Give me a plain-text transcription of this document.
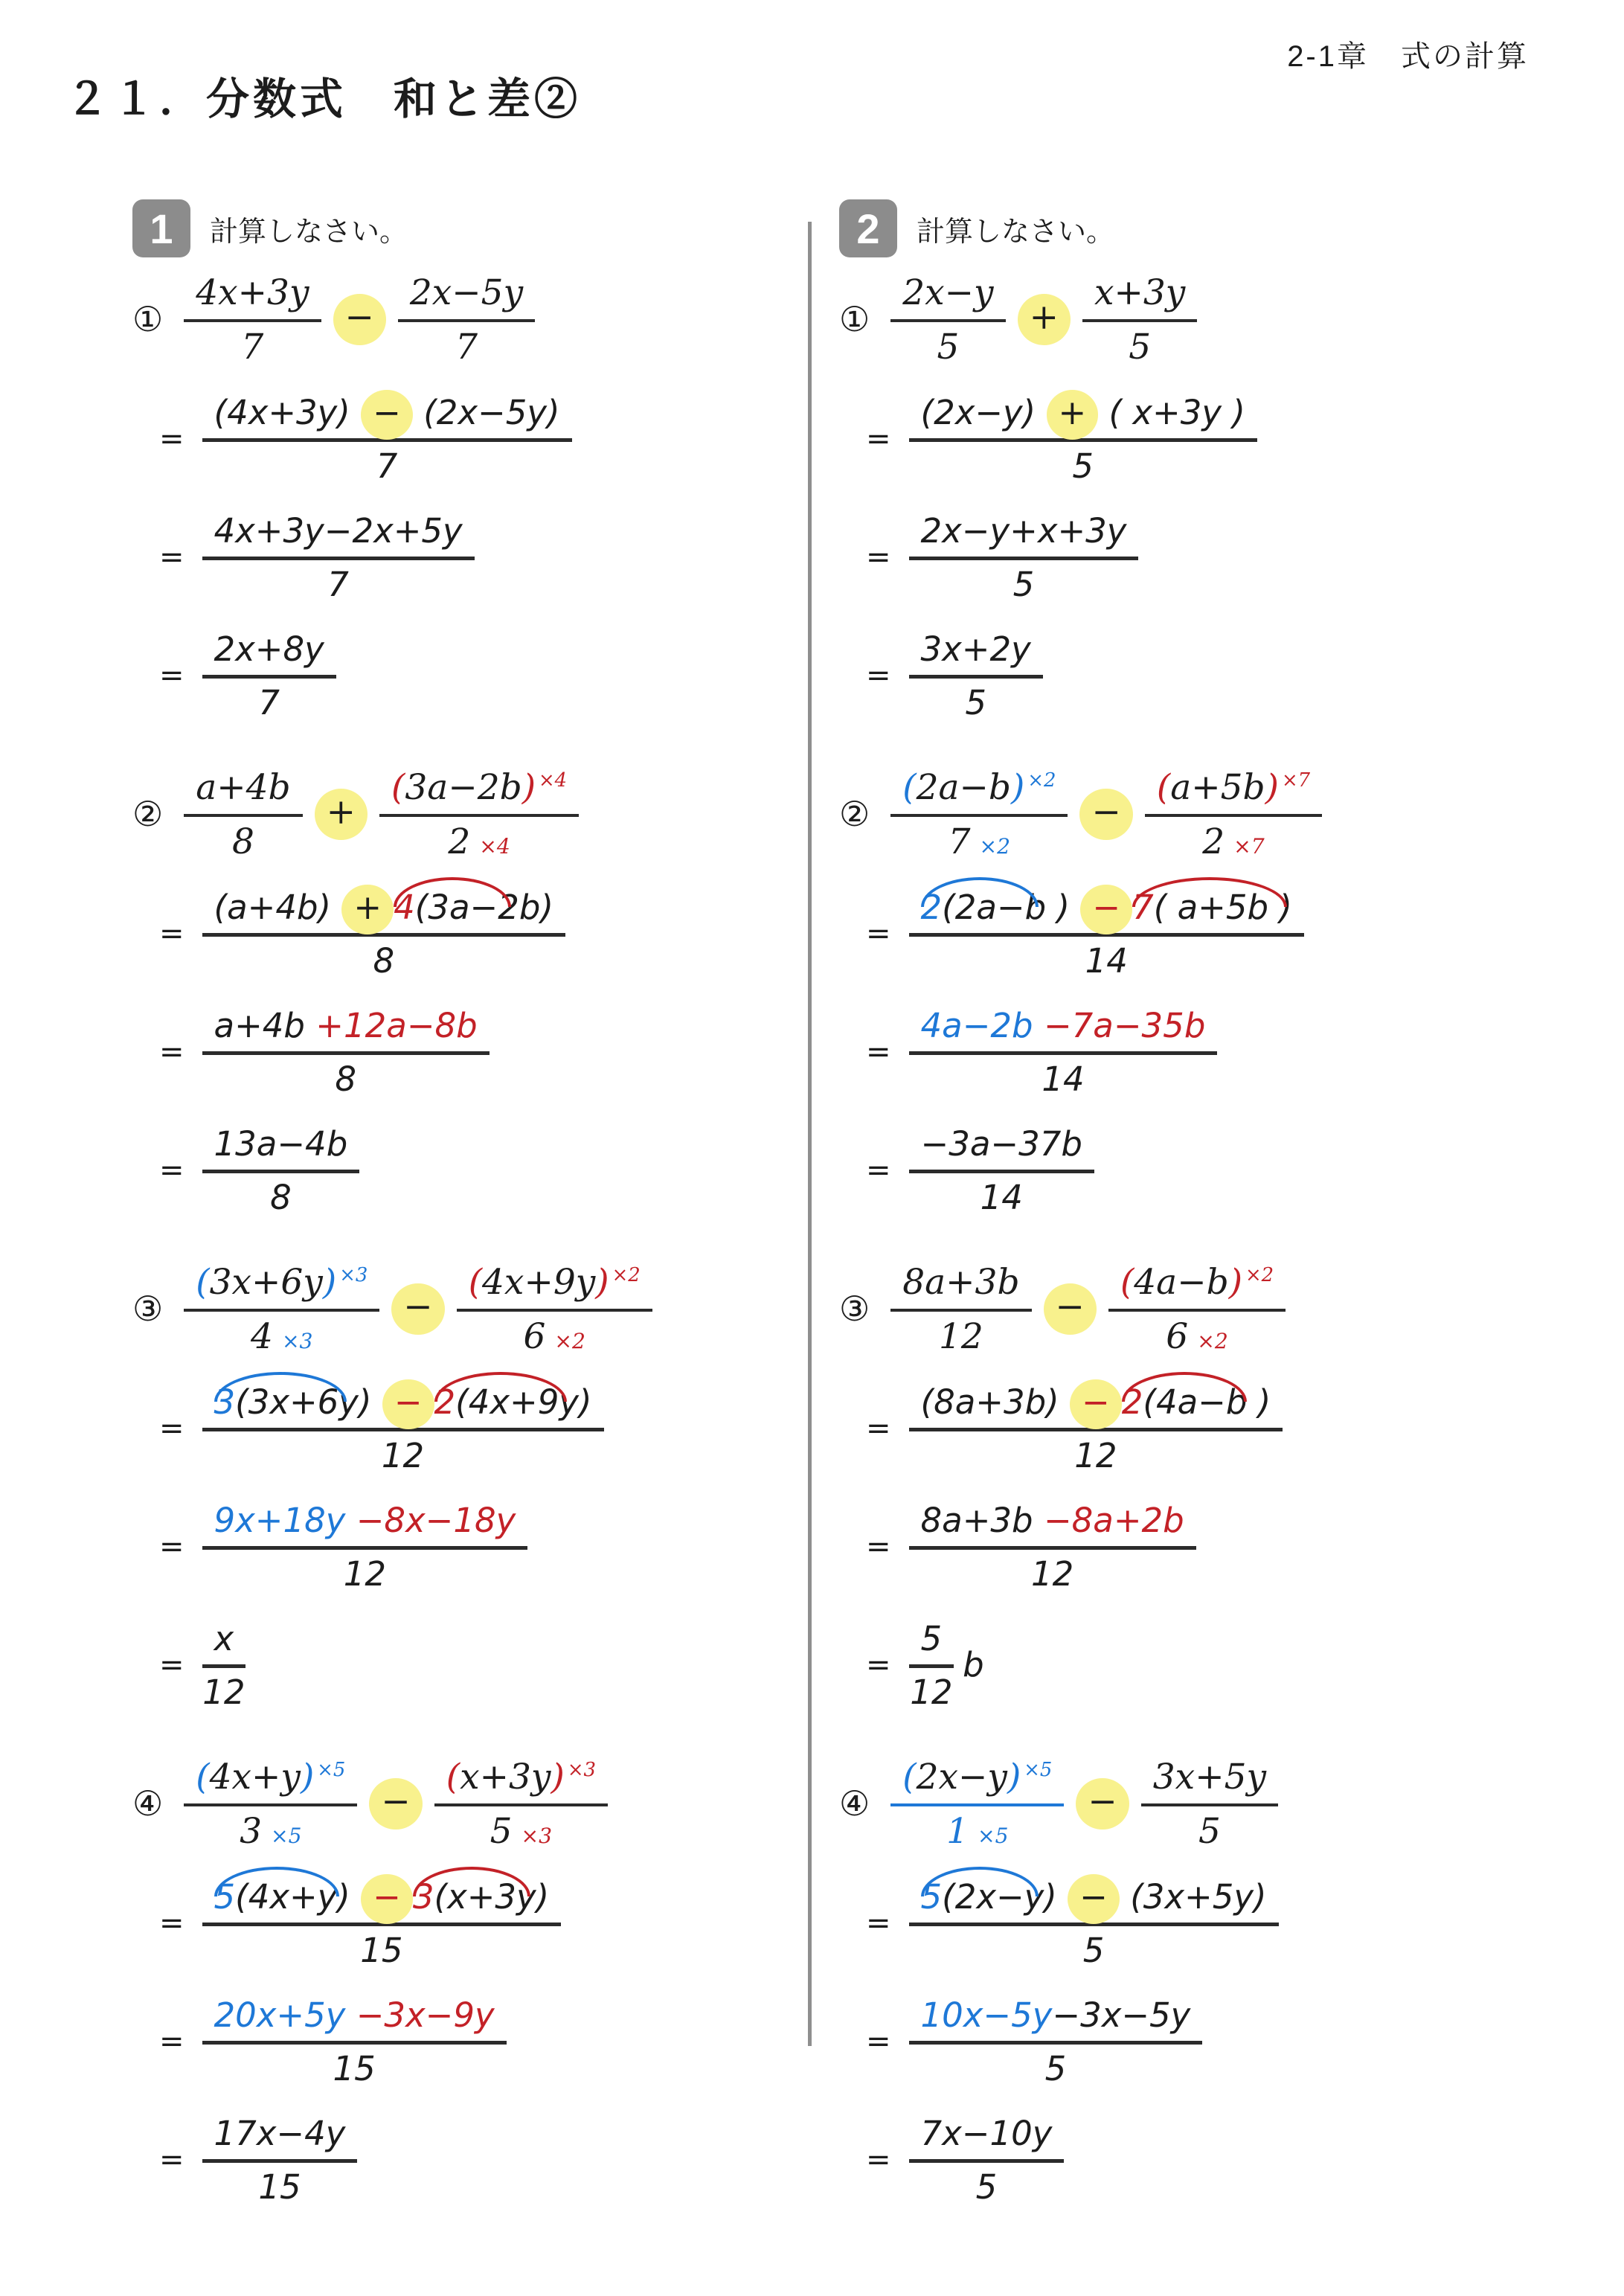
2-1章　式の計算
２１．分数式　和と差②
1	計算しなさい。
① $\frac{4x+3y}{7} - \frac{2x-5y}{7}$
= $\frac{(4x+3y) - (2x-5y)}{7}$
= $\frac{4x+3y-2x+5y}{7}$
= $\frac{2x+8y}{7}$
② $\frac{a+4b}{8} + \frac{(3a-2b) ^{\times 4}}{2 \times 4}$
= $\frac{(a+4b) + 4(3a-2b)}{8}$
= $\frac{a+4b +12a-8b}{8}$
= $\frac{13a-4b}{8}$
③ $\frac{(3x+6y) ^{\times 3}}{4 \times 3} - \frac{(4x+9y) ^{\times 2}}{6 \times 2}$
= $\frac{3(3x+6y) - 2(4x+9y)}{12}$
= $\frac{9x+18y -8x-18y}{12}$
= $\frac{x}{12}$
④ $\frac{(4x+y) ^{\times 5}}{3 \times 5} - \frac{(x+3y) ^{\times 3}}{5 \times 3}$
= $\frac{5(4x+y) - 3(x+3y)}{15}$
= $\frac{20x+5y -3x-9y}{15}$
= $\frac{17x-4y}{15}$
2	計算しなさい。
① $\frac{2x-y}{5} + \frac{x+3y}{5}$
= $\frac{(2x-y) + ( x+3y )}{5}$
= $\frac{2x-y+x+3y}{5}$
= $\frac{3x+2y}{5}$
② $\frac{(2a-b) ^{\times 2}}{7 \times 2} - \frac{(a+5b) ^{\times 7}}{2 \times 7}$
= $\frac{2(2a-b ) - 7( a+5b )}{14}$
= $\frac{4a-2b -7a-35b}{14}$
= $\frac{-3a-37b}{14}$
③ $\frac{8a+3b}{12} - \frac{(4a-b) ^{\times 2}}{6 \times 2}$
= $\frac{(8a+3b) - 2(4a-b )}{12}$
= $\frac{8a+3b -8a+2b}{12}$
= $\frac{5}{12}$ b
④ $\frac{(2x-y) ^{\times 5}}{1 \times 5} - \frac{3x+5y}{5}$
= $\frac{5(2x-y) - (3x+5y)}{5}$
= $\frac{10x-5y-3x-5y}{5}$
= $\frac{7x-10y}{5}$
